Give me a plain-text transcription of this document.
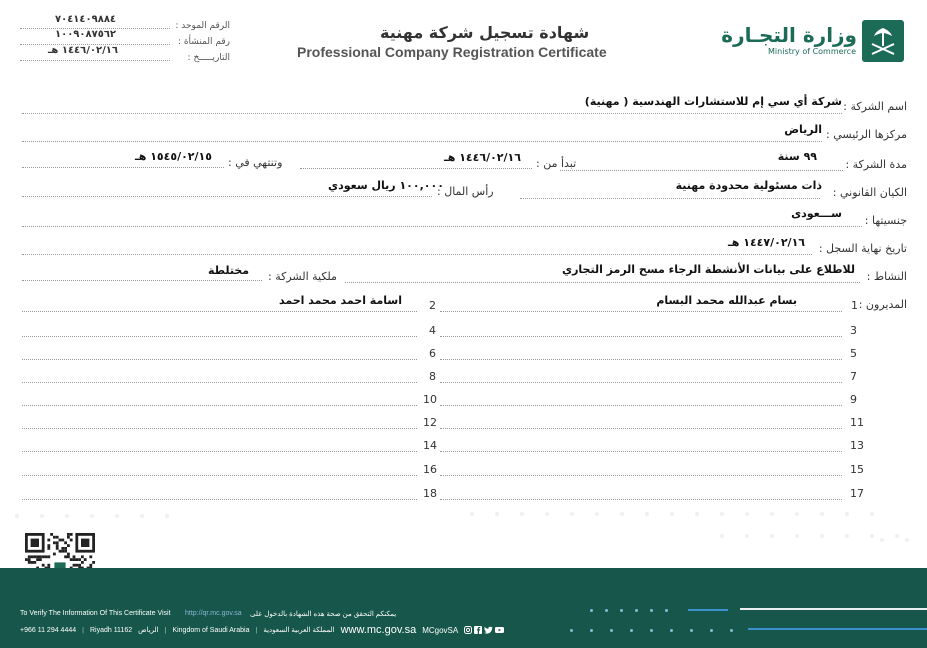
وزارة التجـارة
Ministry of Commerce
شهادة تسجيل شركة مهنية
Professional Company Registration Certificate
الرقم الموحد :
٧٠٤١٤٠٩٨٨٤
رقم المنشأة :
١٠٠٩٠٨٧٥٦٢
التاريـــــخ :
١٤٤٦/٠٢/١٦ هـ
اسم الشركة :
شركة أي سي إم للاستشارات الهندسية ( مهنية)
مركزها الرئيسي :
الرياض
مدة الشركة :
٩٩ سنة
تبدأ من :
١٤٤٦/٠٢/١٦ هـ
وتنتهي في :
١٥٤٥/٠٢/١٥ هـ
الكيان القانوني :
ذات مسئولية محدودة مهنية
رأس المال :
١٠٠,٠٠٠ ريال سعودي
جنسيتها :
ســـعودى
تاريخ نهاية السجل :
١٤٤٧/٠٢/١٦ هـ
النشاط :
للاطلاع على بيانات الأنشطة الرجاء مسح الرمز التجاري
ملكية الشركة :
مختلطة
المديرون :
1
بسام عبدالله محمد البسام
2
اسامة احمد محمد احمد
3
4
5
6
7
8
9
10
11
12
13
14
15
16
17
18
To Verify The Information Of This Certificate Visit http://qr.mc.gov.sa يمكنكم التحقق من صحة هذه الشهادة بالدخول على
+966 11 294 4444 | Riyadh 11162 الرياض | Kingdom of Saudi Arabia | المملكة العربية السعودية www.mc.gov.sa MCgovSA
